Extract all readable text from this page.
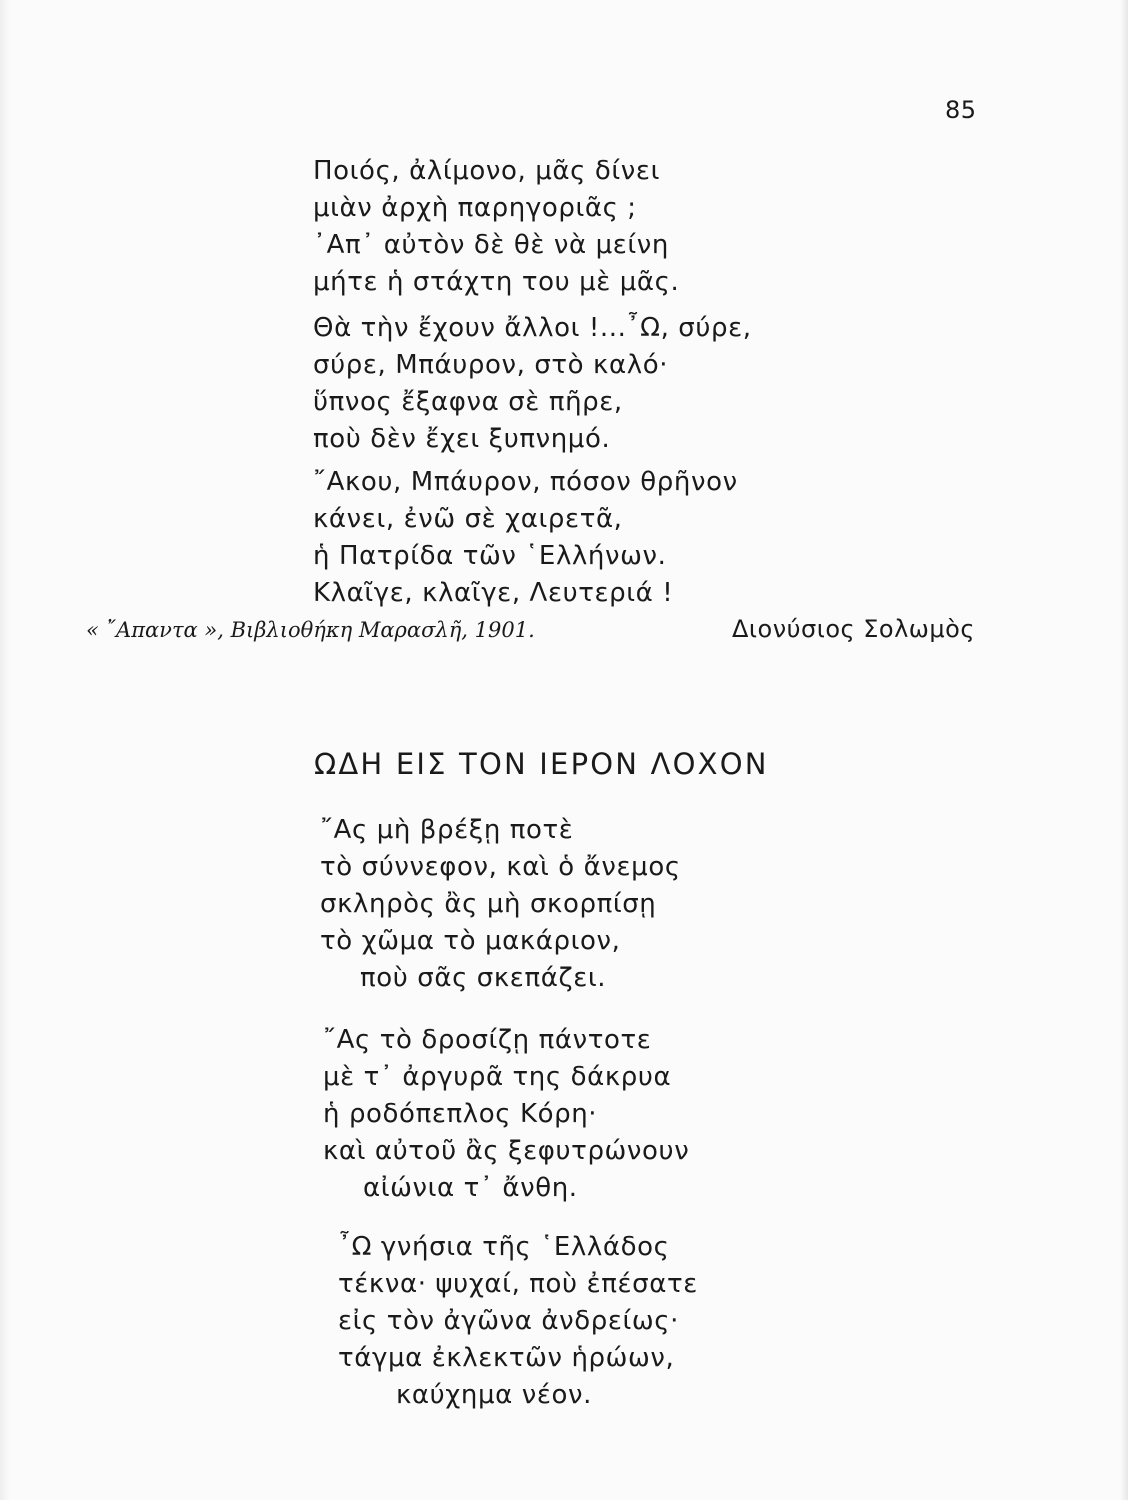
85
Ποιός, ἀλίμονο, μᾶς δίνει
μιὰν ἀρχὴ παρηγοριᾶς ;
᾿Απ᾿ αὐτὸν δὲ θὲ νὰ μείνη
μήτε ἡ στάχτη του μὲ μᾶς.
Θὰ τὴν ἔχουν ἄλλοι !...῏Ω, σύρε,
σύρε, Μπάυρον, στὸ καλό·
ὕπνος ἔξαφνα σὲ πῆρε,
ποὺ δὲν ἔχει ξυπνημό.
῎Ακου, Μπάυρον, πόσον θρῆνον
κάνει, ἐνῶ σὲ χαιρετᾶ,
ἡ Πατρίδα τῶν ῾Ελλήνων.
Κλαῖγε, κλαῖγε, Λευτεριά !
« ῎Απαντα », Βιβλιοθήκη Μαρασλῆ, 1901.	Διονύσιος Σολωμὸς
ΩΔΗ ΕΙΣ ΤΟΝ ΙΕΡΟΝ ΛΟΧΟΝ
῎Ας μὴ βρέξῃ ποτὲ
τὸ σύννεφον, καὶ ὁ ἄνεμος
σκληρὸς ἂς μὴ σκορπίσῃ
τὸ χῶμα τὸ μακάριον,
ποὺ σᾶς σκεπάζει.
῎Ας τὸ δροσίζῃ πάντοτε
μὲ τ᾿ ἀργυρᾶ της δάκρυα
ἡ ροδόπεπλος Κόρη·
καὶ αὐτοῦ ἂς ξεφυτρώνουν
αἰώνια τ᾿ ἄνθη.
῏Ω γνήσια τῆς ῾Ελλάδος
τέκνα· ψυχαί, ποὺ ἐπέσατε
εἰς τὸν ἀγῶνα ἀνδρείως·
τάγμα ἐκλεκτῶν ἡρώων,
καύχημα νέον.
